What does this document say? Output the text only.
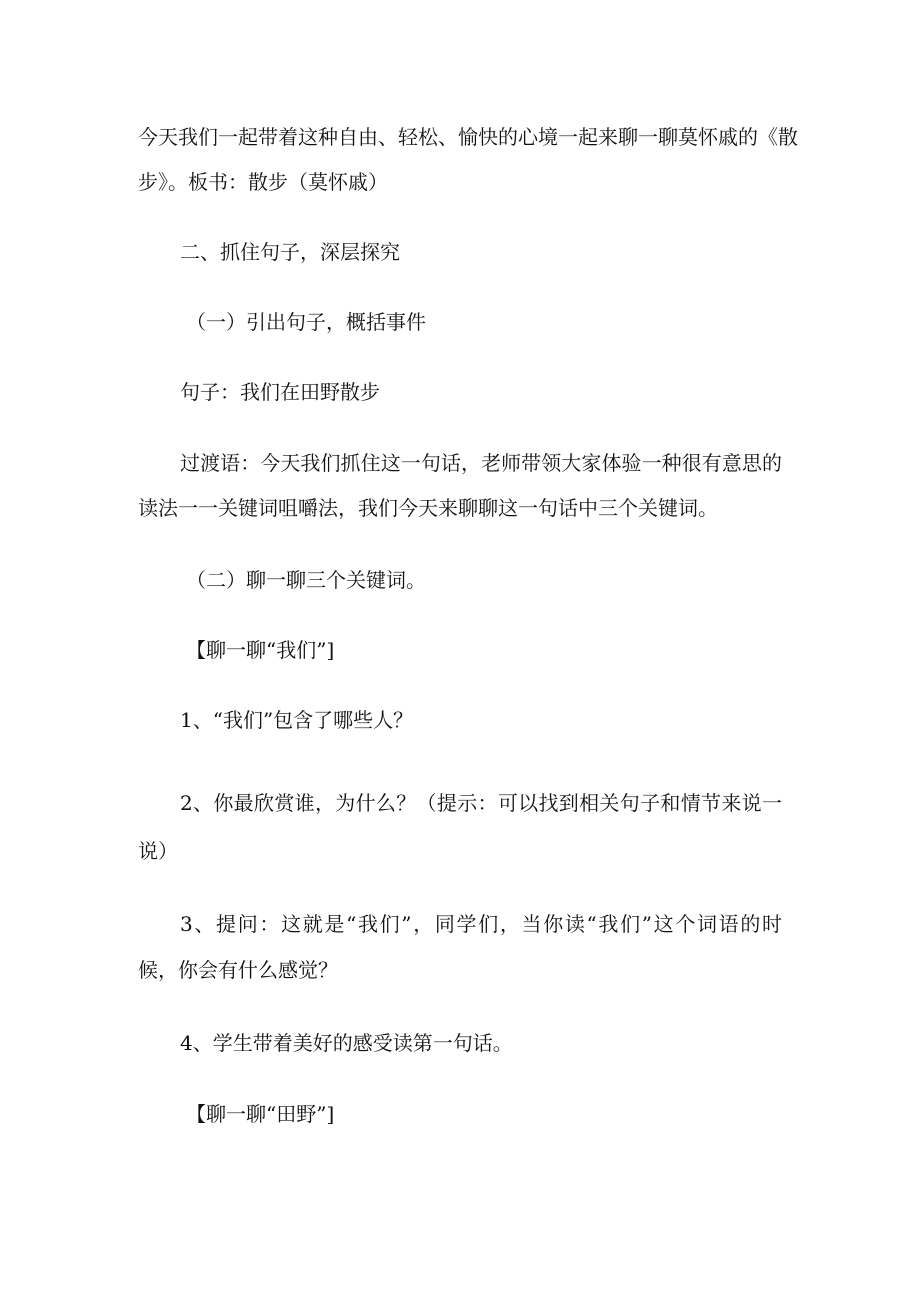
今天我们一起带着这种自由、轻松、愉快的心境一起来聊一聊莫怀戚的《散
步》。板书：散步（莫怀戚）
二、抓住句子，深层探究
（一）引出句子，概括事件
句子：我们在田野散步
过渡语：今天我们抓住这一句话，老师带领大家体验一种很有意思的
读法一一关键词咀嚼法，我们今天来聊聊这一句话中三个关键词。
（二）聊一聊三个关键词。
【聊一聊“我们”]
1、“我们”包含了哪些人？
2、你最欣赏谁，为什么？（提示：可以找到相关句子和情节来说一
说）
3、提问：这就是“我们”，同学们，当你读“我们”这个词语的时
候，你会有什么感觉？
4、学生带着美好的感受读第一句话。
【聊一聊“田野”]
